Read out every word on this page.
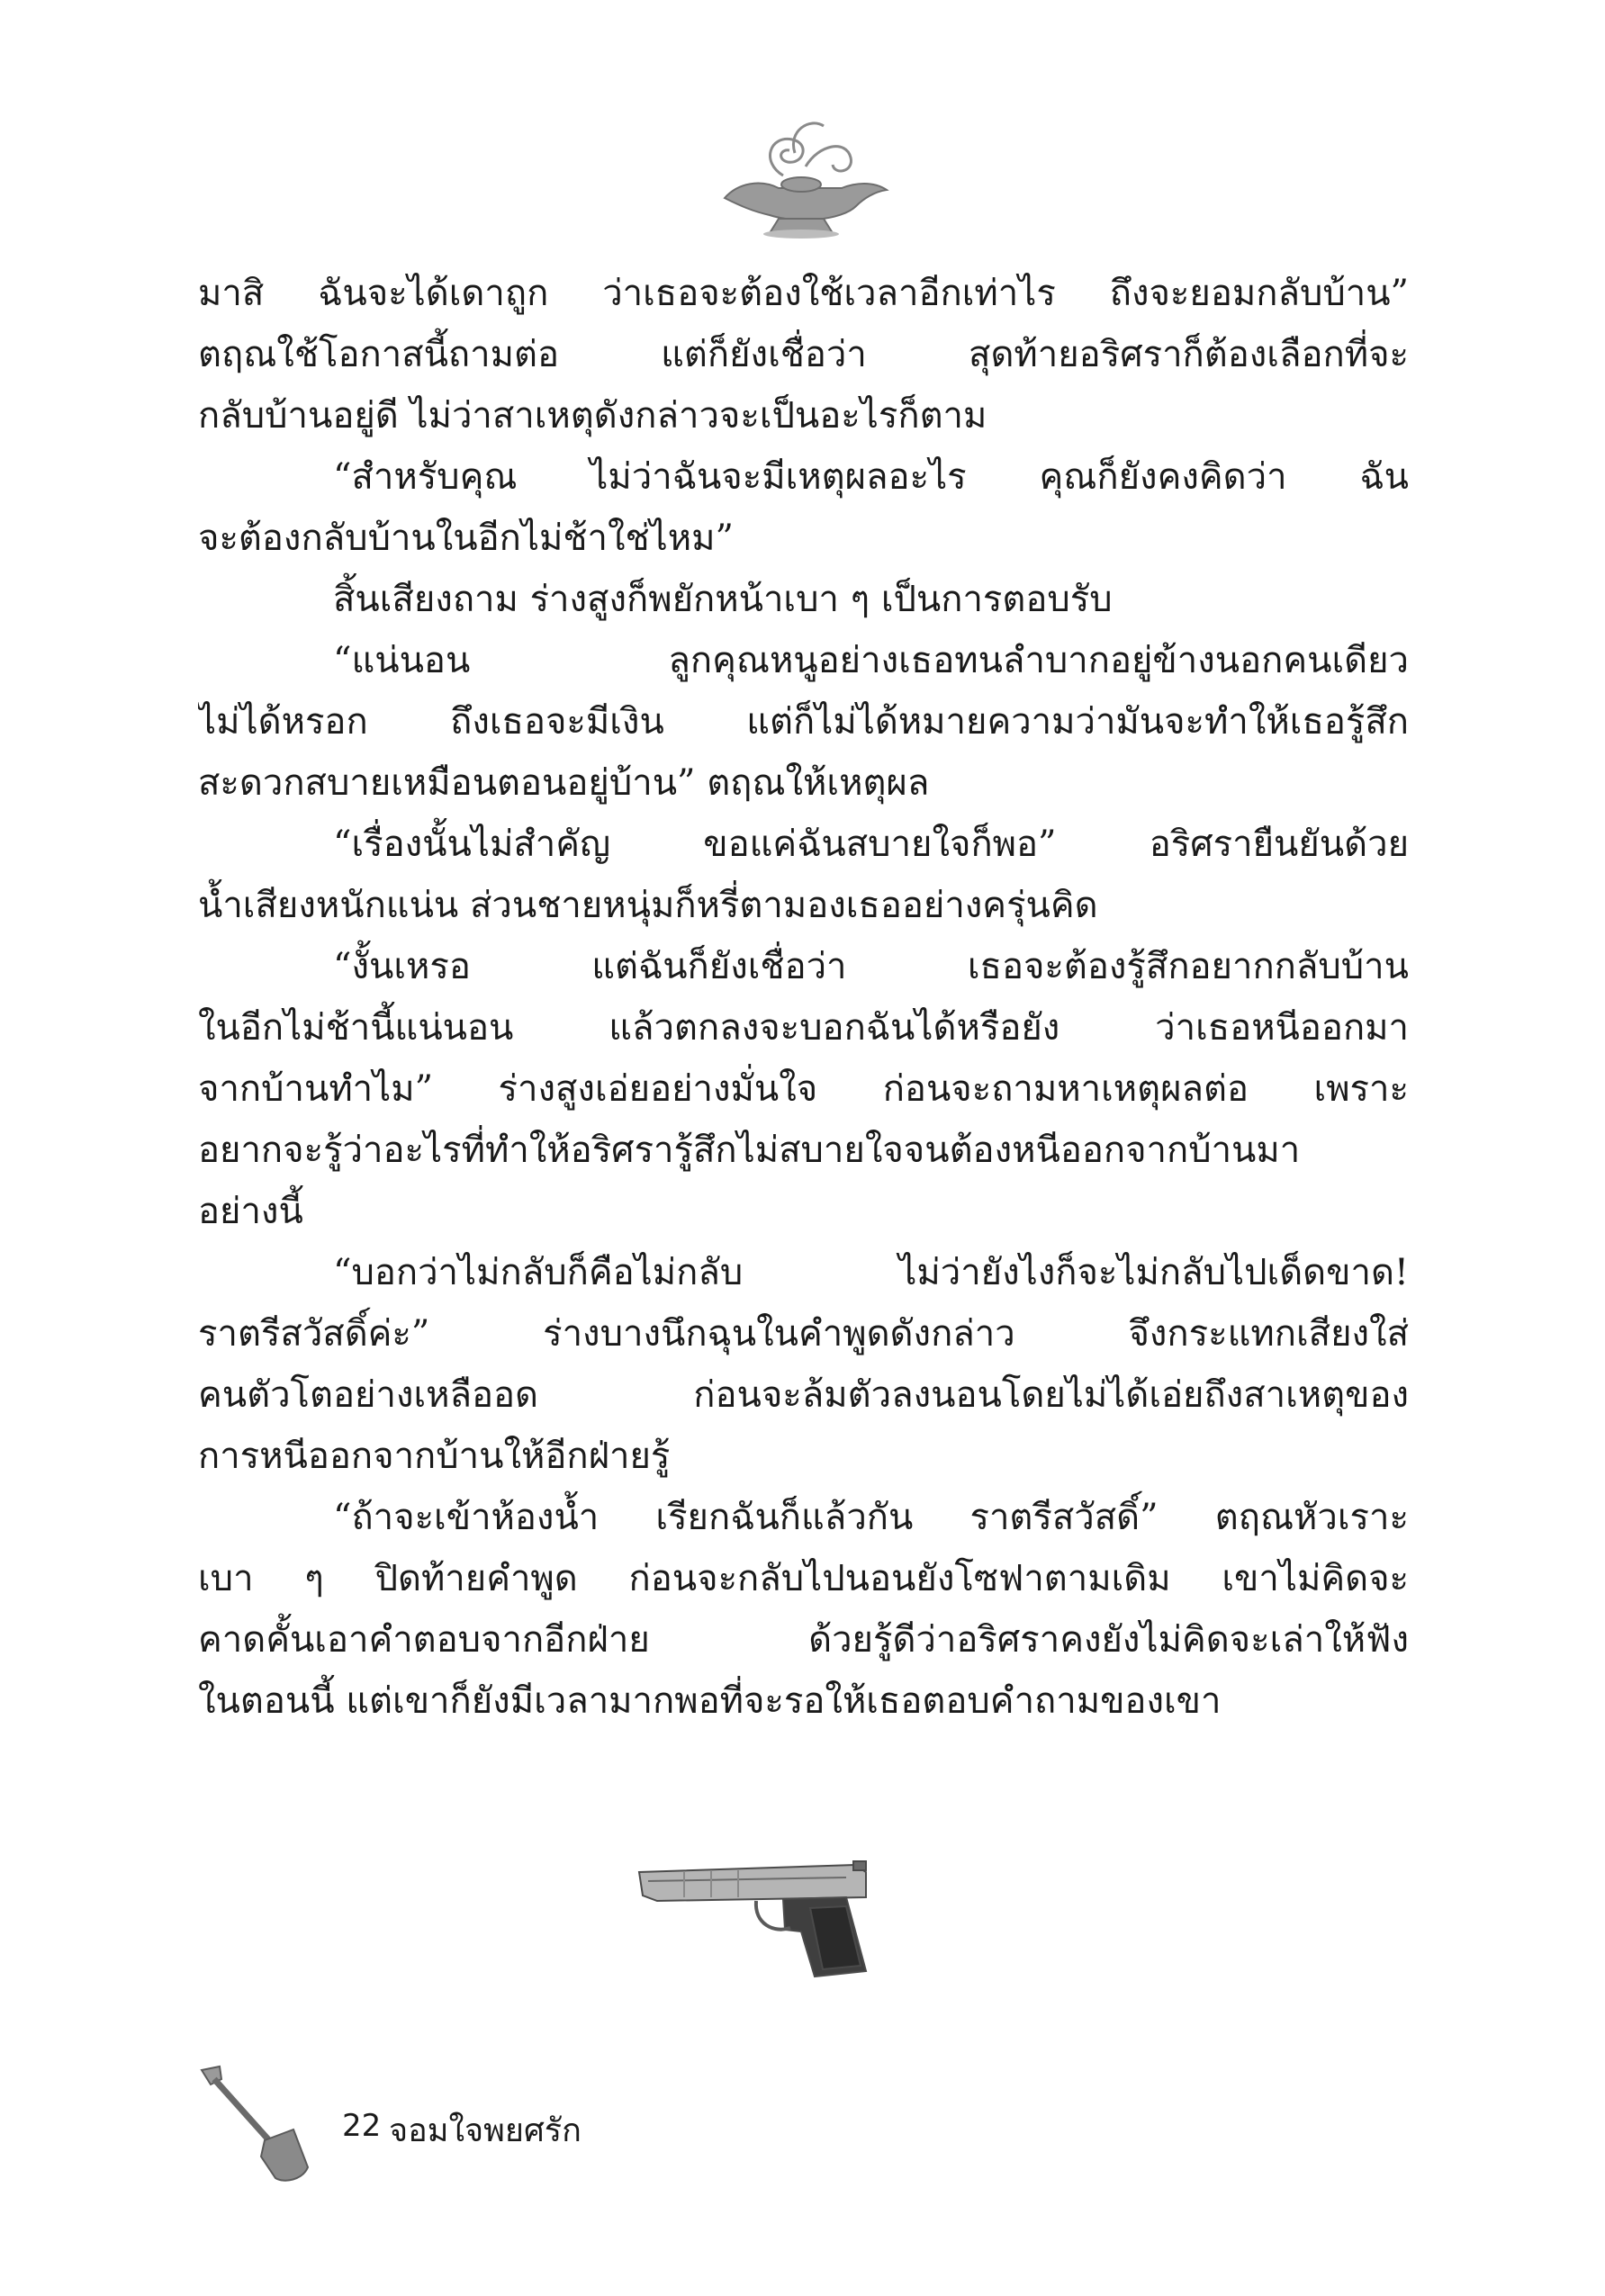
มาสิ ฉันจะได้เดาถูก ว่าเธอจะต้องใช้เวลาอีกเท่าไร ถึงจะยอมกลับบ้าน”
ตฤณใช้โอกาสนี้ถามต่อ แต่ก็ยังเชื่อว่า สุดท้ายอริศราก็ต้องเลือกที่จะ
กลับบ้านอยู่ดี ไม่ว่าสาเหตุดังกล่าวจะเป็นอะไรก็ตาม
“สำหรับคุณ ไม่ว่าฉันจะมีเหตุผลอะไร คุณก็ยังคงคิดว่า ฉัน
จะต้องกลับบ้านในอีกไม่ช้าใช่ไหม”
สิ้นเสียงถาม ร่างสูงก็พยักหน้าเบา ๆ เป็นการตอบรับ
“แน่นอน ลูกคุณหนูอย่างเธอทนลำบากอยู่ข้างนอกคนเดียว
ไม่ได้หรอก ถึงเธอจะมีเงิน แต่ก็ไม่ได้หมายความว่ามันจะทำให้เธอรู้สึก
สะดวกสบายเหมือนตอนอยู่บ้าน” ตฤณให้เหตุผล
“เรื่องนั้นไม่สำคัญ ขอแค่ฉันสบายใจก็พอ” อริศรายืนยันด้วย
น้ำเสียงหนักแน่น ส่วนชายหนุ่มก็หรี่ตามองเธออย่างครุ่นคิด
“งั้นเหรอ แต่ฉันก็ยังเชื่อว่า เธอจะต้องรู้สึกอยากกลับบ้าน
ในอีกไม่ช้านี้แน่นอน แล้วตกลงจะบอกฉันได้หรือยัง ว่าเธอหนีออกมา
จากบ้านทำไม” ร่างสูงเอ่ยอย่างมั่นใจ ก่อนจะถามหาเหตุผลต่อ เพราะ
อยากจะรู้ว่าอะไรที่ทำให้อริศรารู้สึกไม่สบายใจจนต้องหนีออกจากบ้านมา
อย่างนี้
“บอกว่าไม่กลับก็คือไม่กลับ ไม่ว่ายังไงก็จะไม่กลับไปเด็ดขาด!
ราตรีสวัสดิ์ค่ะ” ร่างบางนึกฉุนในคำพูดดังกล่าว จึงกระแทกเสียงใส่
คนตัวโตอย่างเหลืออด ก่อนจะล้มตัวลงนอนโดยไม่ได้เอ่ยถึงสาเหตุของ
การหนีออกจากบ้านให้อีกฝ่ายรู้
“ถ้าจะเข้าห้องน้ำ เรียกฉันก็แล้วกัน ราตรีสวัสดิ์” ตฤณหัวเราะ
เบา ๆ ปิดท้ายคำพูด ก่อนจะกลับไปนอนยังโซฟาตามเดิม เขาไม่คิดจะ
คาดคั้นเอาคำตอบจากอีกฝ่าย ด้วยรู้ดีว่าอริศราคงยังไม่คิดจะเล่าให้ฟัง
ในตอนนี้ แต่เขาก็ยังมีเวลามากพอที่จะรอให้เธอตอบคำถามของเขา
22 จอมใจพยศรัก
